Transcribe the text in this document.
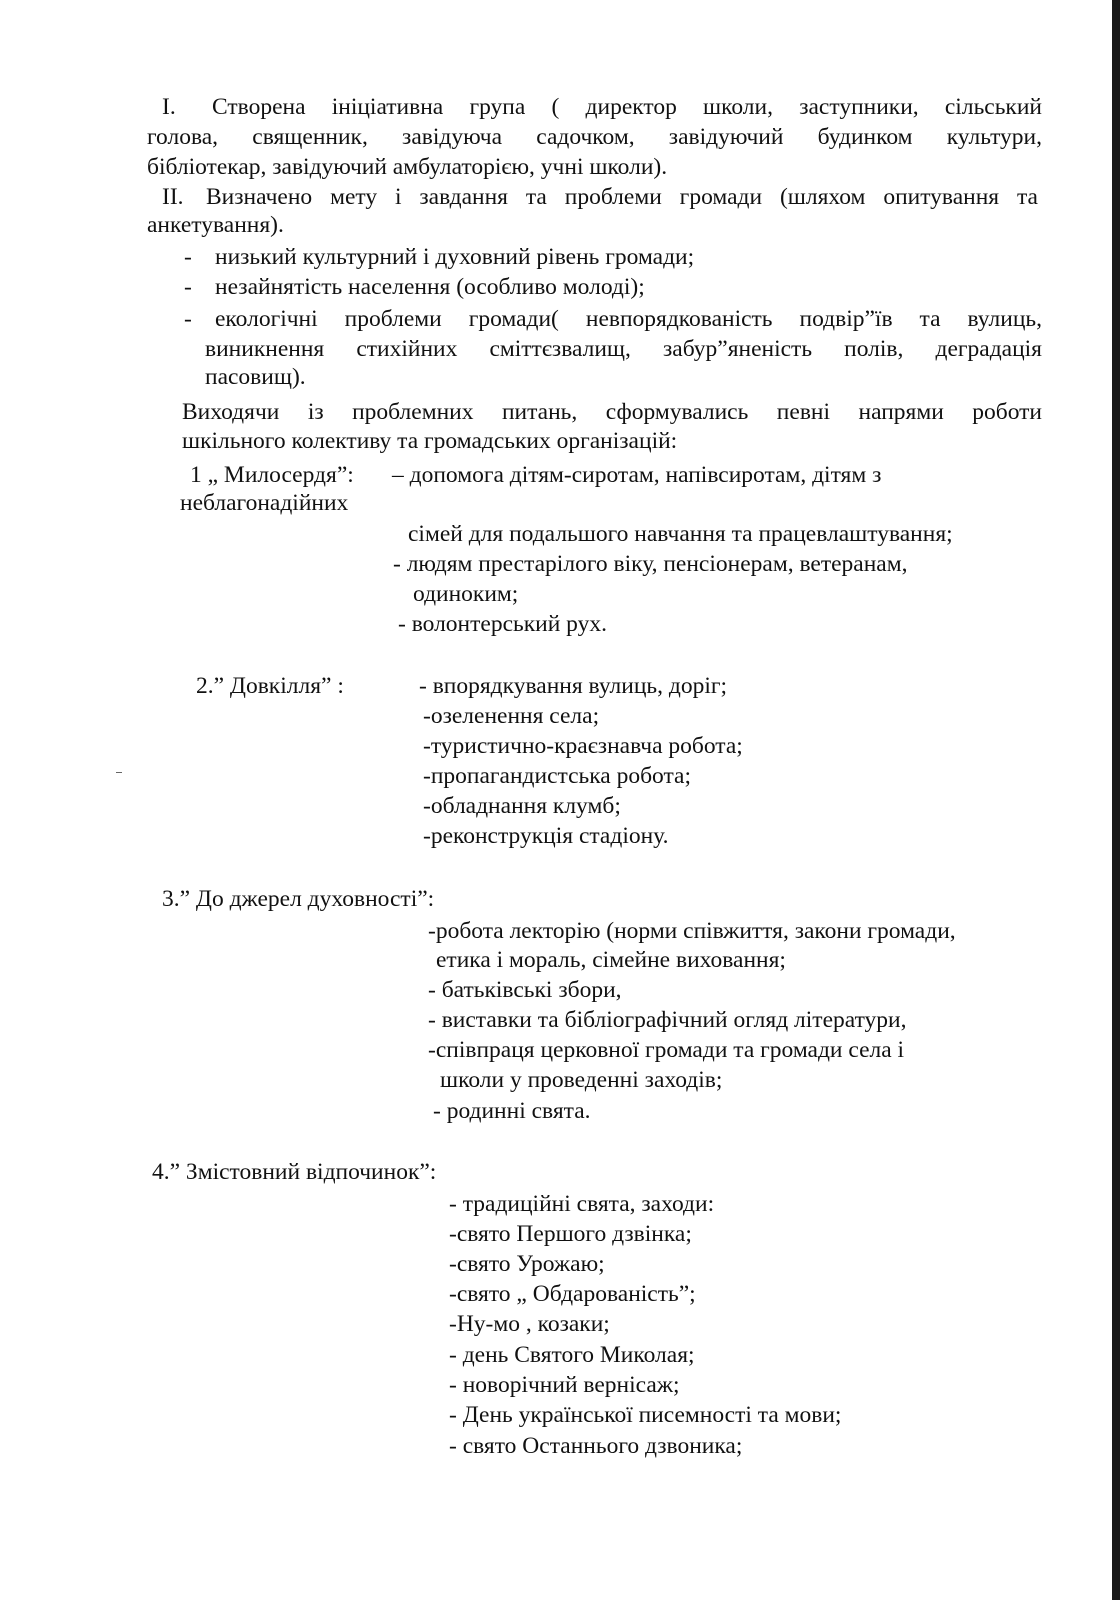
I. Створена ініціативна група ( директор школи, заступники, сільський
голова, священник, завідуюча садочком, завідуючий будинком культури,
бібліотекар, завідуючий амбулаторією, учні школи).
II. Визначено мету і завдання та проблеми громади (шляхом опитування та
анкетування).
- низький культурний і духовний рівень громади;
- незайнятість населення (особливо молоді);
- екологічні проблеми громади( невпорядкованість подвір”їв та вулиць,
виникнення стихійних сміттєзвалищ, забур”яненість полів, деградація
пасовищ).
Виходячи із проблемних питань, сформувались певні напрями роботи
шкільного колективу та громадських організацій:
1 „ Милосердя”: – допомога дітям-сиротам, напівсиротам, дітям з
неблагонадійних
сімей для подальшого навчання та працевлаштування;
- людям престарілого віку, пенсіонерам, ветеранам,
одиноким;
- волонтерський рух.
2.” Довкілля” :	- впорядкування вулиць, доріг;
-озеленення села;
-туристично-краєзнавча робота;
-пропагандистська робота;
-обладнання клумб;
-реконструкція стадіону.
3.” До джерел духовності”:
-робота лекторію (норми співжиття, закони громади,
етика і мораль, сімейне виховання;
- батьківські збори,
- виставки та бібліографічний огляд літератури,
-співпраця церковної громади та громади села і
школи у проведенні заходів;
- родинні свята.
4.” Змістовний відпочинок”:
- традиційні свята, заходи:
-свято Першого дзвінка;
-свято Урожаю;
-свято „ Обдарованість”;
-Ну-мо , козаки;
- день Святого Миколая;
- новорічний вернісаж;
- День української писемності та мови;
- свято Останнього дзвоника;
